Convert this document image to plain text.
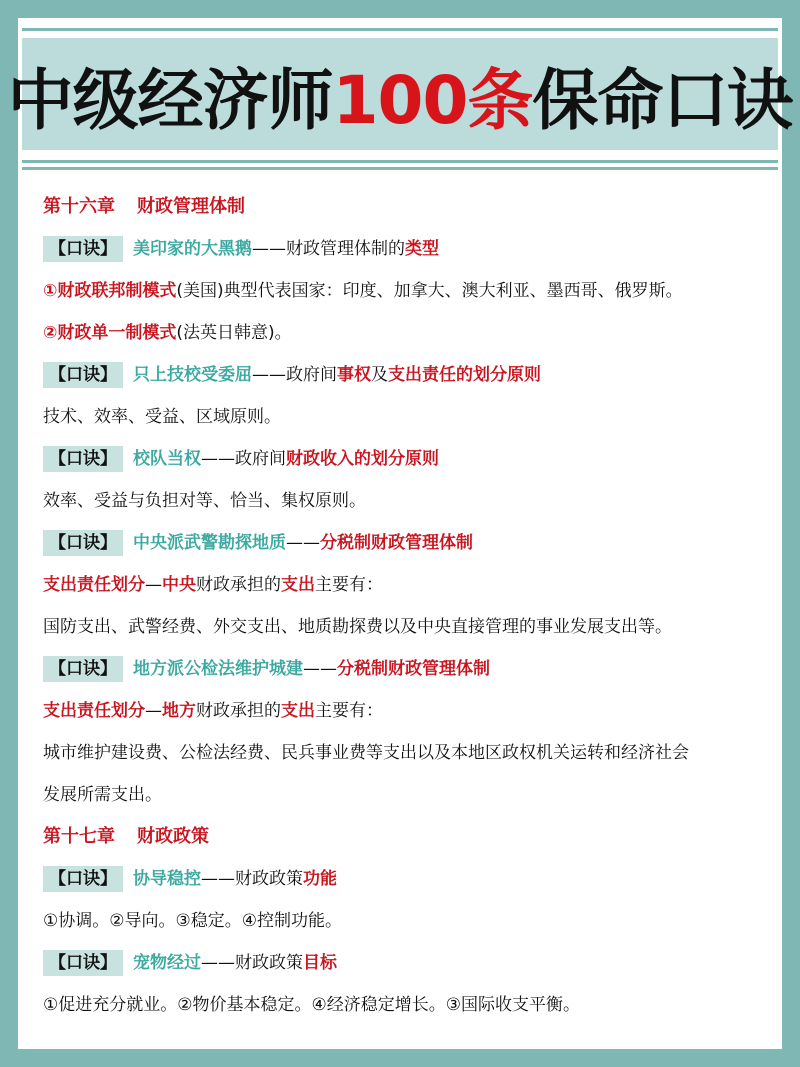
中级经济师 100条 保命口诀
第十六章 财政管理体制
【口诀】 美印家的大黑鹅——财政管理体制的类型
①财政联邦制模式(美国)典型代表国家：印度、加拿大、澳大利亚、墨西哥、俄罗斯。
②财政单一制模式(法英日韩意)。
【口诀】 只上技校受委屈——政府间事权及支出责任的划分原则
技术、效率、受益、区域原则。
【口诀】 校队当权——政府间财政收入的划分原则
效率、受益与负担对等、恰当、集权原则。
【口诀】 中央派武警勘探地质——分税制财政管理体制
支出责任划分—中央财政承担的支出主要有：
国防支出、武警经费、外交支出、地质勘探费以及中央直接管理的事业发展支出等。
【口诀】 地方派公检法维护城建——分税制财政管理体制
支出责任划分—地方财政承担的支出主要有：
城市维护建设费、公检法经费、民兵事业费等支出以及本地区政权机关运转和经济社会
发展所需支出。
第十七章 财政政策
【口诀】 协导稳控——财政政策功能
①协调。②导向。③稳定。④控制功能。
【口诀】 宠物经过——财政政策目标
①促进充分就业。②物价基本稳定。④经济稳定增长。③国际收支平衡。
